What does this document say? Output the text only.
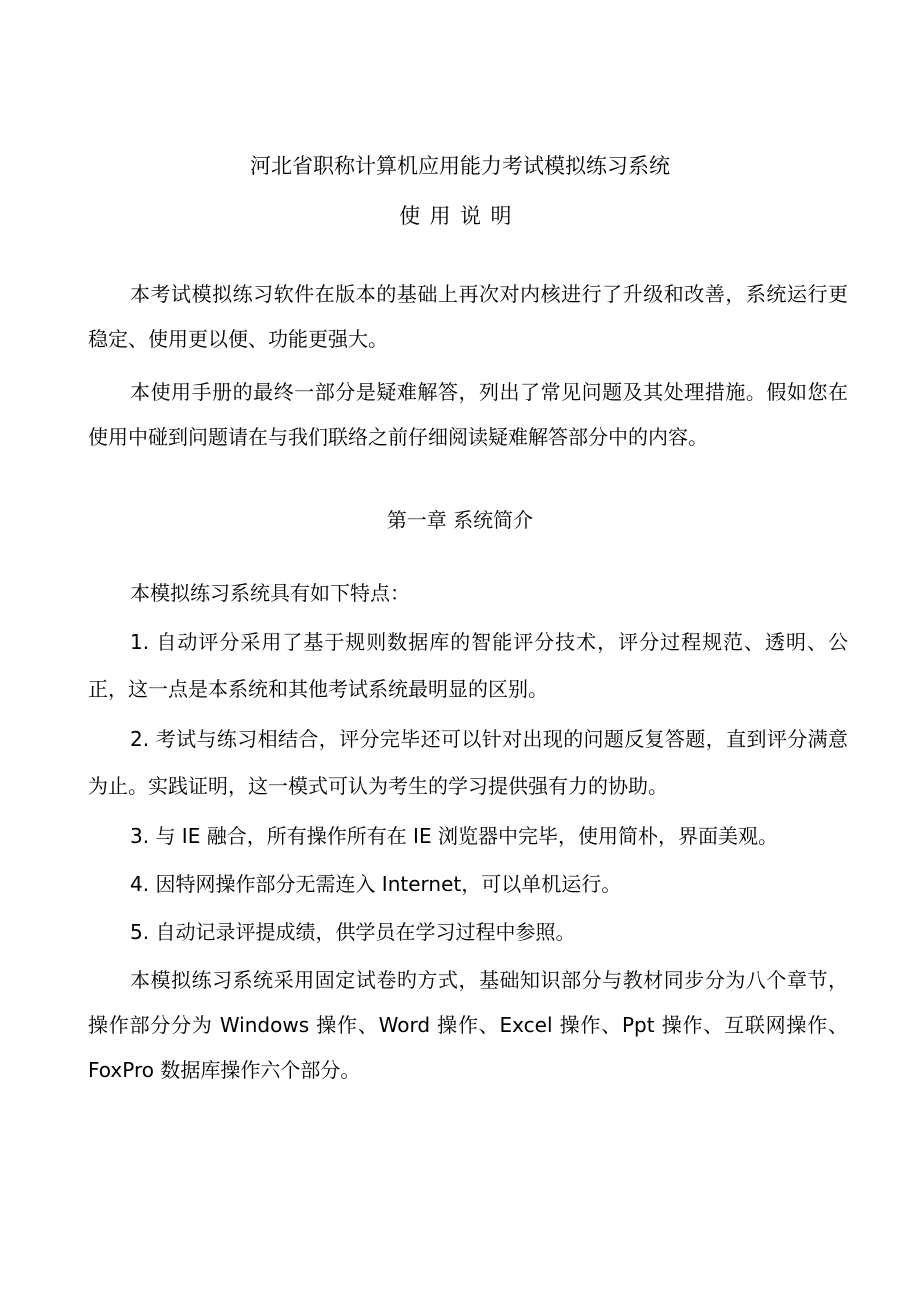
河北省职称计算机应用能力考试模拟练习系统
使用说明

本考试模拟练习软件在版本的基础上再次对内核进行了升级和改善，系统运行更稳定、使用更以便、功能更强大。

本使用手册的最终一部分是疑难解答，列出了常见问题及其处理措施。假如您在使用中碰到问题请在与我们联络之前仔细阅读疑难解答部分中的内容。

第一章 系统简介

本模拟练习系统具有如下特点：

1. 自动评分采用了基于规则数据库的智能评分技术，评分过程规范、透明、公正，这一点是本系统和其他考试系统最明显的区别。

2. 考试与练习相结合，评分完毕还可以针对出现的问题反复答题，直到评分满意为止。实践证明，这一模式可认为考生的学习提供强有力的协助。

3. 与 IE 融合，所有操作所有在 IE 浏览器中完毕，使用简朴，界面美观。

4. 因特网操作部分无需连入 Internet，可以单机运行。

5. 自动记录评提成绩，供学员在学习过程中参照。

本模拟练习系统采用固定试卷旳方式，基础知识部分与教材同步分为八个章节，操作部分分为 Windows 操作、Word 操作、Excel 操作、Ppt 操作、互联网操作、FoxPro 数据库操作六个部分。
